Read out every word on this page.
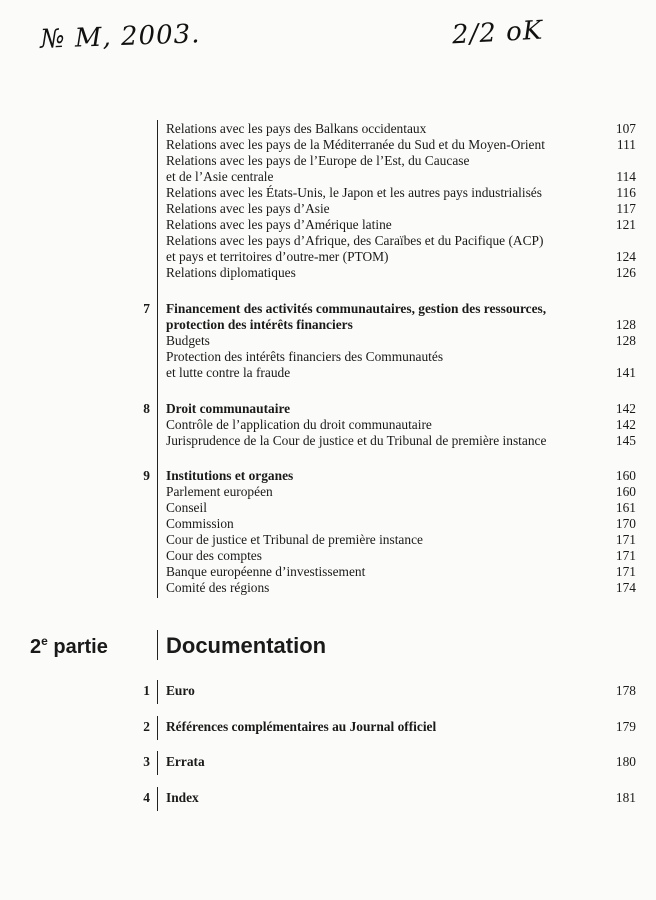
№ M, 2003.	2/2 oK
Relations avec les pays des Balkans occidentaux	107
Relations avec les pays de la Méditerranée du Sud et du Moyen-Orient	111
Relations avec les pays de l’Europe de l’Est, du Caucase
et de l’Asie centrale	114
Relations avec les États-Unis, le Japon et les autres pays industrialisés	116
Relations avec les pays d’Asie	117
Relations avec les pays d’Amérique latine	121
Relations avec les pays d’Afrique, des Caraïbes et du Pacifique (ACP)
et pays et territoires d’outre-mer (PTOM)	124
Relations diplomatiques	126
7 Financement des activités communautaires, gestion des ressources,
protection des intérêts financiers	128
Budgets	128
Protection des intérêts financiers des Communautés
et lutte contre la fraude	141
8 Droit communautaire	142
Contrôle de l’application du droit communautaire	142
Jurisprudence de la Cour de justice et du Tribunal de première instance	145
9 Institutions et organes	160
Parlement européen	160
Conseil	161
Commission	170
Cour de justice et Tribunal de première instance	171
Cour des comptes	171
Banque européenne d’investissement	171
Comité des régions	174
2e partie	Documentation
1 Euro	178
2 Références complémentaires au Journal officiel	179
3 Errata	180
4 Index	181
